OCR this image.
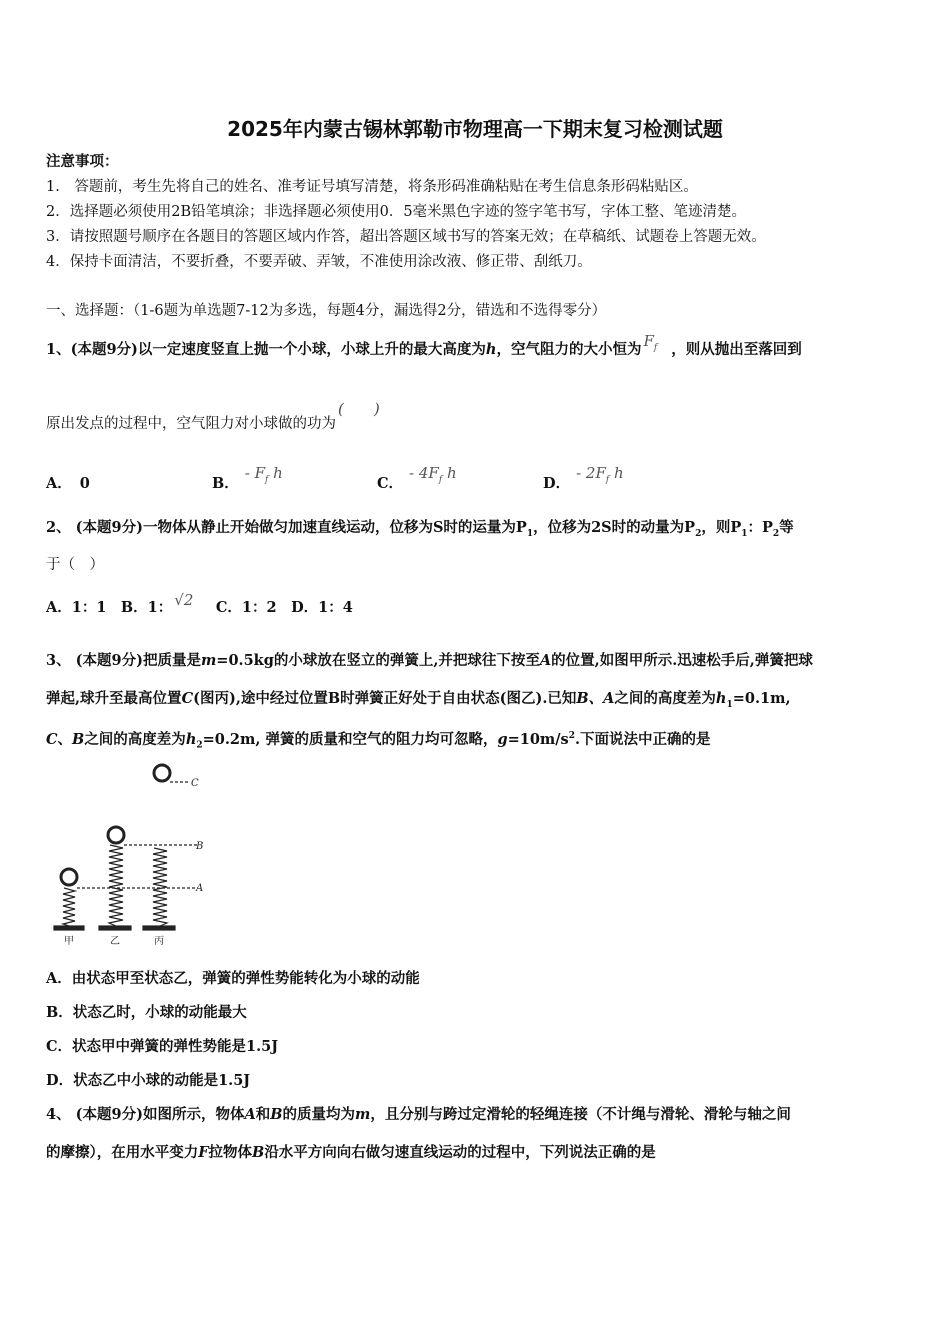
2025年内蒙古锡林郭勒市物理高一下期末复习检测试题
注意事项：
1.　答题前，考生先将自己的姓名、准考证号填写清楚，将条形码准确粘贴在考生信息条形码粘贴区。
2．选择题必须使用2B铅笔填涂；非选择题必须使用0．5毫米黑色字迹的签字笔书写，字体工整、笔迹清楚。
3．请按照题号顺序在各题目的答题区域内作答，超出答题区域书写的答案无效；在草稿纸、试题卷上答题无效。
4．保持卡面清洁，不要折叠，不要弄破、弄皱，不准使用涂改液、修正带、刮纸刀。
一、选择题：（1-6题为单选题7-12为多选，每题4分，漏选得2分，错选和不选得零分）
1、(本题9分)以一定速度竖直上抛一个小球，小球上升的最大高度为h，空气阻力的大小恒为 $F_f$ ，则从抛出至落回到
原出发点的过程中，空气阻力对小球做的功为(　　)
A． 0	B．- $F_f$ h
C．- $4F_f$ h
D．- $2F_f$ h
2、 (本题9分)一物体从静止开始做匀加速直线运动，位移为S时的运量为$P_1$，位移为2S时的动量为$P_2$，则$P_1$：$P_2$等
于（　）
A．1：1　B．1： √2　C．1：2　D．1：4
3、 (本题9分)把质量是m=0.5kg的小球放在竖立的弹簧上,并把球往下按至A的位置,如图甲所示.迅速松手后,弹簧把球
弹起,球升至最高位置C(图丙),途中经过位置B时弹簧正好处于自由状态(图乙).已知B、A之间的高度差为$h_1=0.1m$,
C、B之间的高度差为$h_2=0.2m$, 弹簧的质量和空气的阻力均可忽略，$g=10m/s^2$.下面说法中正确的是
C
B
A
甲	乙	丙
A．由状态甲至状态乙，弹簧的弹性势能转化为小球的动能
B．状态乙时，小球的动能最大
C．状态甲中弹簧的弹性势能是1.5J
D．状态乙中小球的动能是1.5J
4、 (本题9分)如图所示，物体A和B的质量均为m，且分别与跨过定滑轮的轻绳连接（不计绳与滑轮、滑轮与轴之间
的摩擦），在用水平变力F拉物体B沿水平方向向右做匀速直线运动的过程中，下列说法正确的是
